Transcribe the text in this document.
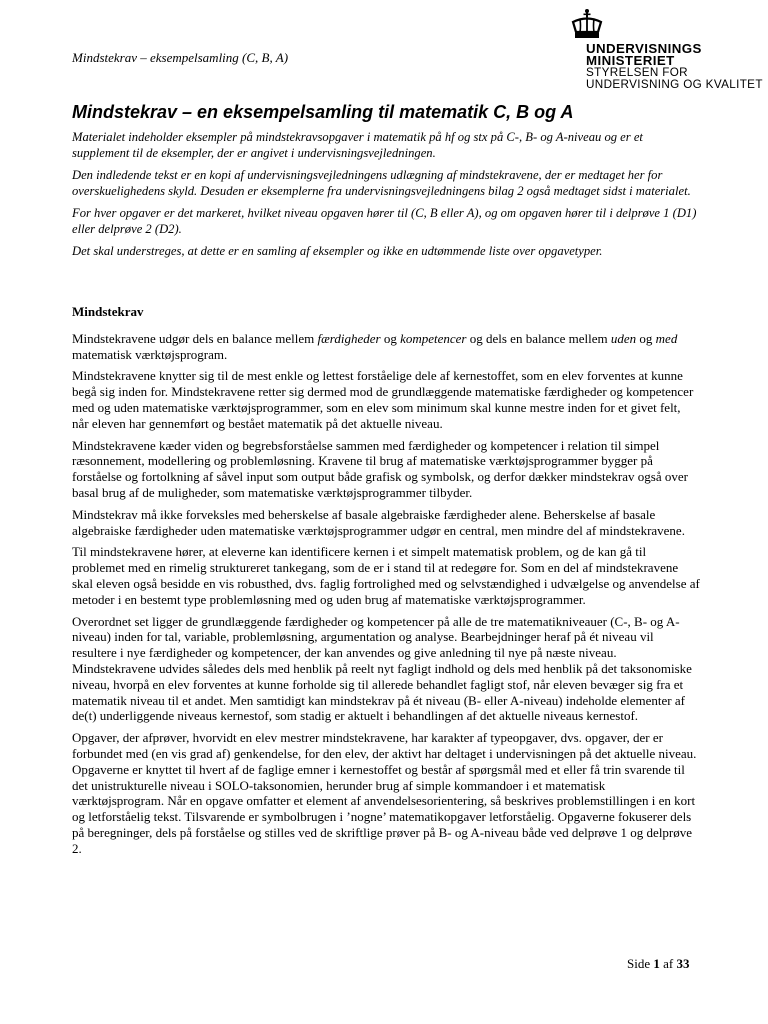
Mindstekrav – eksempelsamling (C, B, A)
UNDERVISNINGS
MINISTERIET
STYRELSEN FOR
UNDERVISNING OG KVALITET
Mindstekrav – en eksempelsamling til matematik C, B og A

Materialet indeholder eksempler på mindstekravsopgaver i matematik på hf og stx på C-, B- og A-niveau og er et supplement til de eksempler, der er angivet i undervisningsvejledningen.

Den indledende tekst er en kopi af undervisningsvejledningens udlægning af mindstekravene, der er medtaget her for overskuelighedens skyld. Desuden er eksemplerne fra undervisningsvejledningens bilag 2 også medtaget sidst i materialet.

For hver opgaver er det markeret, hvilket niveau opgaven hører til (C, B eller A), og om opgaven hører til i delprøve 1 (D1) eller delprøve 2 (D2).

Det skal understreges, at dette er en samling af eksempler og ikke en udtømmende liste over opgavetyper.

Mindstekrav

Mindstekravene udgør dels en balance mellem færdigheder og kompetencer og dels en balance mellem uden og med matematisk værktøjsprogram.

Mindstekravene knytter sig til de mest enkle og lettest forståelige dele af kernestoffet, som en elev forventes at kunne begå sig inden for. Mindstekravene retter sig dermed mod de grundlæggende matematiske færdigheder og kompetencer med og uden matematiske værktøjsprogrammer, som en elev som minimum skal kunne mestre inden for et givet felt, når eleven har gennemført og bestået matematik på det aktuelle niveau.

Mindstekravene kæder viden og begrebsforståelse sammen med færdigheder og kompetencer i relation til simpel ræsonnement, modellering og problemløsning. Kravene til brug af matematiske værktøjsprogrammer bygger på forståelse og fortolkning af såvel input som output både grafisk og symbolsk, og derfor dækker mindstekrav også over basal brug af de muligheder, som matematiske værktøjsprogrammer tilbyder.

Mindstekrav må ikke forveksles med beherskelse af basale algebraiske færdigheder alene. Beherskelse af basale algebraiske færdigheder uden matematiske værktøjsprogrammer udgør en central, men mindre del af mindstekravene.

Til mindstekravene hører, at eleverne kan identificere kernen i et simpelt matematisk problem, og de kan gå til problemet med en rimelig struktureret tankegang, som de er i stand til at redegøre for. Som en del af mindstekravene skal eleven også besidde en vis robusthed, dvs. faglig fortrolighed med og selvstændighed i udvælgelse og anvendelse af metoder i en bestemt type problemløsning med og uden brug af matematiske værktøjsprogrammer.

Overordnet set ligger de grundlæggende færdigheder og kompetencer på alle de tre matematikniveauer (C-, B- og A-niveau) inden for tal, variable, problemløsning, argumentation og analyse. Bearbejdninger heraf på ét niveau vil resultere i nye færdigheder og kompetencer, der kan anvendes og give anledning til nye på næste niveau. Mindstekravene udvides således dels med henblik på reelt nyt fagligt indhold og dels med henblik på det taksonomiske niveau, hvorpå en elev forventes at kunne forholde sig til allerede behandlet fagligt stof, når eleven bevæger sig fra et matematik niveau til et andet. Men samtidigt kan mindstekrav på ét niveau (B- eller A-niveau) indeholde elementer af de(t) underliggende niveaus kernestof, som stadig er aktuelt i behandlingen af det aktuelle niveaus kernestof.

Opgaver, der afprøver, hvorvidt en elev mestrer mindstekravene, har karakter af typeopgaver, dvs. opgaver, der er forbundet med (en vis grad af) genkendelse, for den elev, der aktivt har deltaget i undervisningen på det aktuelle niveau. Opgaverne er knyttet til hvert af de faglige emner i kernestoffet og består af spørgsmål med et eller få trin svarende til det unistrukturelle niveau i SOLO-taksonomien, herunder brug af simple kommandoer i et matematisk værktøjsprogram. Når en opgave omfatter et element af anvendelsesorientering, så beskrives problemstillingen i en kort og letforståelig tekst. Tilsvarende er symbolbrugen i ’nogne’ matematikopgaver letforståelig. Opgaverne fokuserer dels på beregninger, dels på forståelse og stilles ved de skriftlige prøver på B- og A-niveau både ved delprøve 1 og delprøve 2.

Side 1 af 33
